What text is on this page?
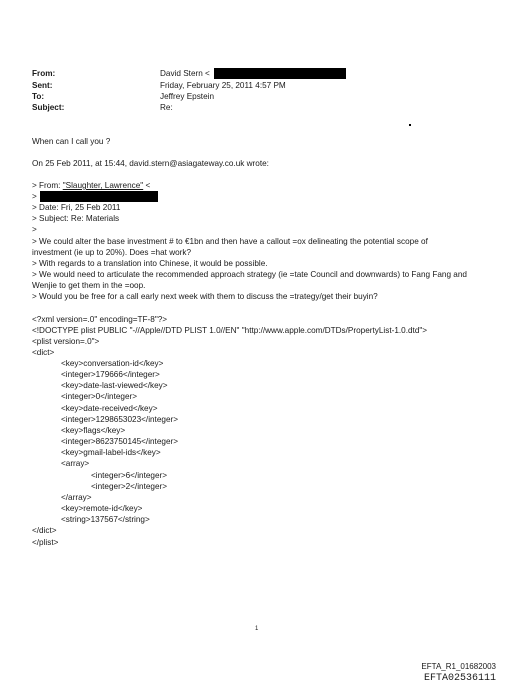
From:	David Stern <
Sent:	Friday, February 25, 2011 4:57 PM
To:	Jeffrey Epstein
Subject:	Re:
When can I call you ?
On 25 Feb 2011, at 15:44, david.stern@asiagateway.co.uk wrote:
> From: "Slaughter, Lawrence" <
>
> Date: Fri, 25 Feb 2011
> Subject: Re: Materials
>
> We could alter the base investment # to €1bn and then have a callout =ox delineating the potential scope of
investment (ie up to 20%). Does =hat work?
> With regards to a translation into Chinese, it would be possible.
> We would need to articulate the recommended approach strategy (ie =tate Council and downwards) to Fang Fang and
Wenjie to get them in the =oop.
> Would you be free for a call early next week with them to discuss the =trategy/get their buyin?
<?xml version=.0" encoding=TF-8"?>
<!DOCTYPE plist PUBLIC "-//Apple//DTD PLIST 1.0//EN" "http://www.apple.com/DTDs/PropertyList-1.0.dtd">
<plist version=.0">
<dict>
<key>conversation-id</key>
<integer>179666</integer>
<key>date-last-viewed</key>
<integer>0</integer>
<key>date-received</key>
<integer>1298653023</integer>
<key>flags</key>
<integer>8623750145</integer>
<key>gmail-label-ids</key>
<array>
<integer>6</integer>
<integer>2</integer>
</array>
<key>remote-id</key>
<string>137567</string>
</dict>
</plist>
1
EFTA_R1_01682003
EFTA02536111
